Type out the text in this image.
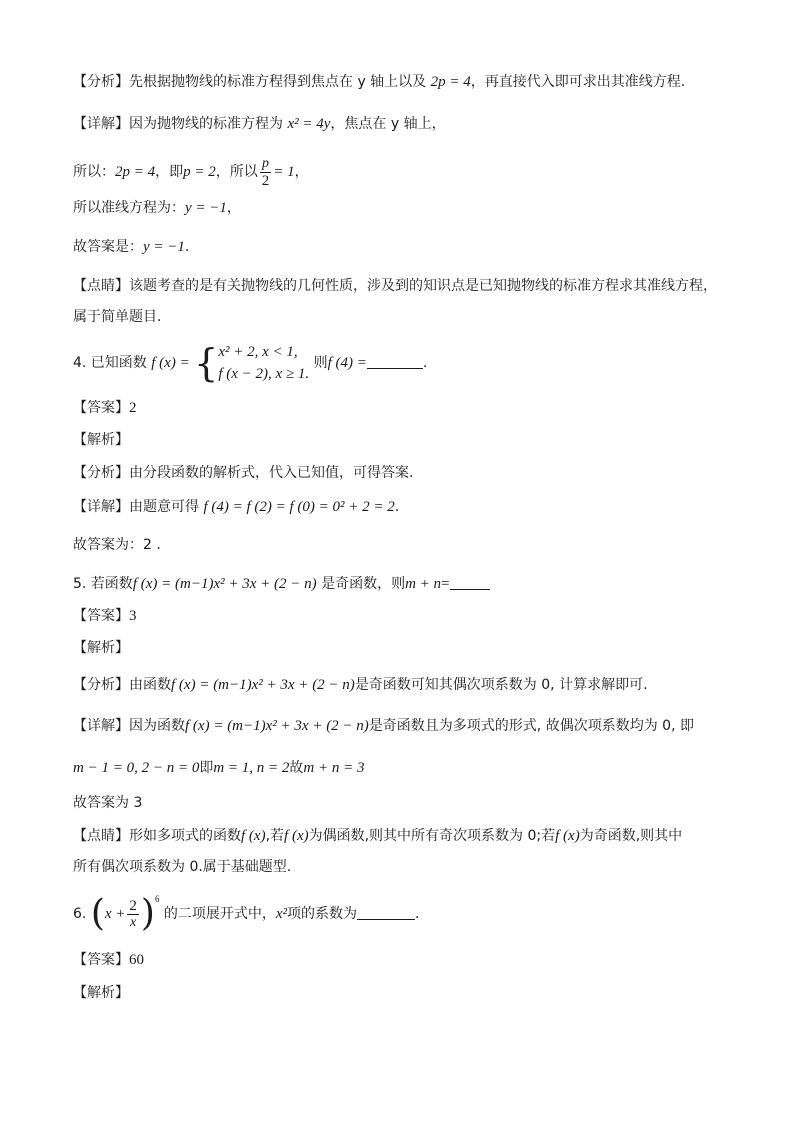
【分析】先根据抛物线的标准方程得到焦点在 y 轴上以及 2p = 4，再直接代入即可求出其准线方程.
【详解】因为抛物线的标准方程为 x² = 4y，焦点在 y 轴上，
所以：2p = 4，即p = 2，所以 $\frac{p}{2} = 1$，
所以准线方程为：y = −1，
故答案是：y = −1.
【点睛】该题考查的是有关抛物线的几何性质，涉及到的知识点是已知抛物线的标准方程求其准线方程，
属于简单题目.
4. 已知函数 f (x) = { x² + 2, x < 1,
f (x − 2), x ≥ 1.
则f (4) =	.
【答案】2
【解析】
【分析】由分段函数的解析式，代入已知值，可得答案.
【详解】由题意可得 f (4) = f (2) = f (0) = 0² + 2 = 2.
故答案为：2 .
5. 若函数f (x) = (m−1)x² + 3x + (2 − n) 是奇函数，则m + n=
【答案】3
【解析】
【分析】由函数f (x) = (m−1)x² + 3x + (2 − n)是奇函数可知其偶次项系数为 0, 计算求解即可.
【详解】因为函数f (x) = (m−1)x² + 3x + (2 − n)是奇函数且为多项式的形式, 故偶次项系数均为 0, 即
m − 1 = 0, 2 − n = 0即m = 1, n = 2故m + n = 3
故答案为 3
【点睛】形如多项式的函数f (x),若f (x)为偶函数,则其中所有奇次项系数为 0;若f (x)为奇函数,则其中
所有偶次项系数为 0.属于基础题型.
6. $(x + \frac{2}{x} )^6$ 的二项展开式中，x²项的系数为	.
【答案】60
【解析】
